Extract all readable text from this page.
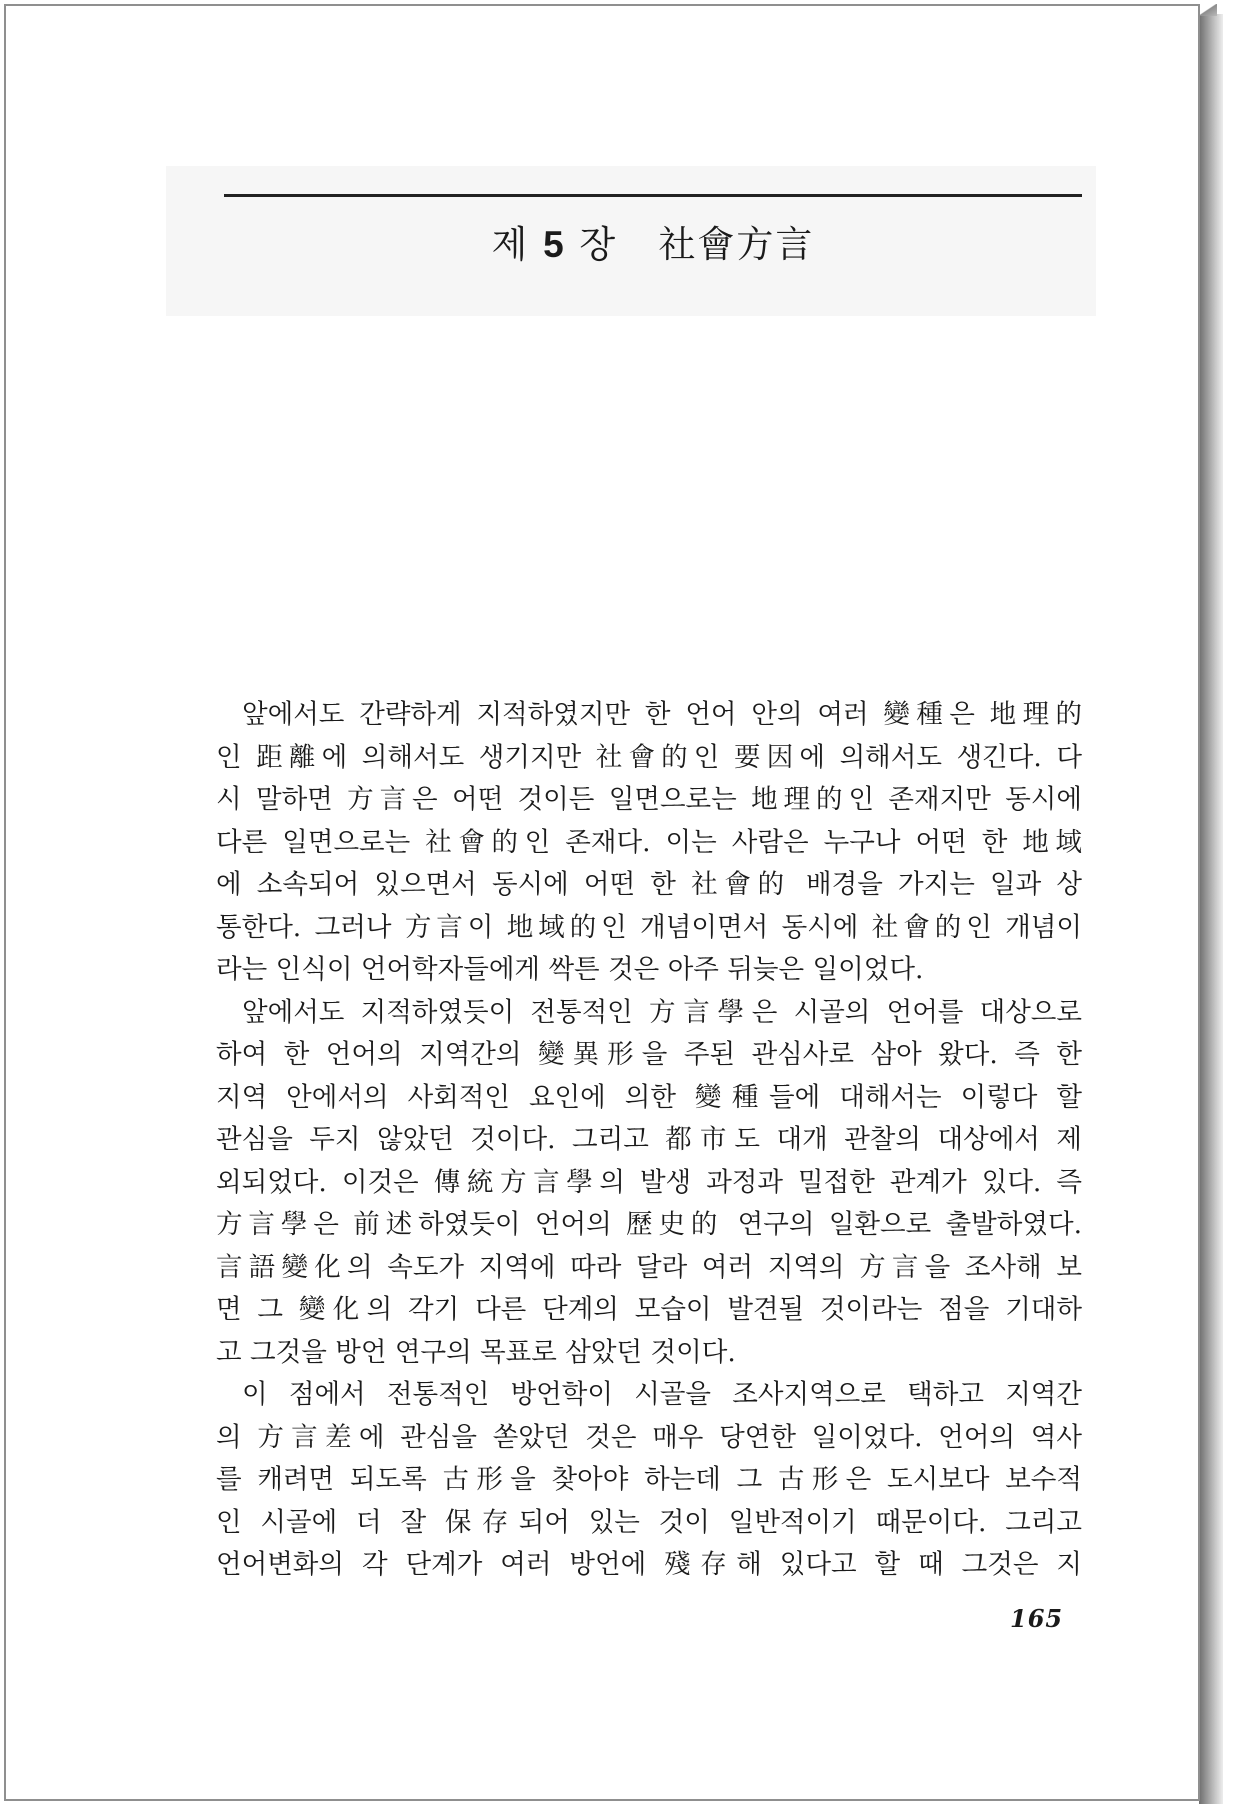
제 5 장   社會方言
앞에서도 간략하게 지적하였지만 한 언어 안의 여러 變種은 地理的
인 距離에 의해서도 생기지만 社會的인 要因에 의해서도 생긴다. 다
시 말하면 方言은 어떤 것이든 일면으로는 地理的인 존재지만 동시에
다른 일면으로는 社會的인 존재다. 이는 사람은 누구나 어떤 한 地域
에 소속되어 있으면서 동시에 어떤 한 社會的 배경을 가지는 일과 상
통한다. 그러나 方言이 地域的인 개념이면서 동시에 社會的인 개념이
라는 인식이 언어학자들에게 싹튼 것은 아주 뒤늦은 일이었다.
앞에서도 지적하였듯이 전통적인 方言學은 시골의 언어를 대상으로
하여 한 언어의 지역간의 變異形을 주된 관심사로 삼아 왔다. 즉 한
지역 안에서의 사회적인 요인에 의한 變種들에 대해서는 이렇다 할
관심을 두지 않았던 것이다. 그리고 都市도 대개 관찰의 대상에서 제
외되었다. 이것은 傳統方言學의 발생 과정과 밀접한 관계가 있다. 즉
方言學은 前述하였듯이 언어의 歷史的 연구의 일환으로 출발하였다.
言語變化의 속도가 지역에 따라 달라 여러 지역의 方言을 조사해 보
면 그 變化의 각기 다른 단계의 모습이 발견될 것이라는 점을 기대하
고 그것을 방언 연구의 목표로 삼았던 것이다.
이 점에서 전통적인 방언학이 시골을 조사지역으로 택하고 지역간
의 方言差에 관심을 쏟았던 것은 매우 당연한 일이었다. 언어의 역사
를 캐려면 되도록 古形을 찾아야 하는데 그 古形은 도시보다 보수적
인 시골에 더 잘 保存되어 있는 것이 일반적이기 때문이다. 그리고
언어변화의 각 단계가 여러 방언에 殘存해 있다고 할 때 그것은 지
165
